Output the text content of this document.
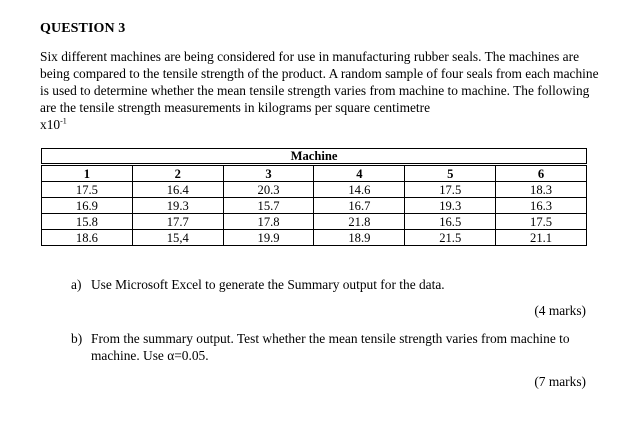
QUESTION 3

Six different machines are being considered for use in manufacturing rubber seals. The machines are being compared to the tensile strength of the product. A random sample of four seals from each machine is used to determine whether the mean tensile strength varies from machine to machine. The following are the tensile strength measurements in kilograms per square centimetre
$x10^{-1}$

Machine					
1	2	3	4	5	6
17.5	16.4	20.3	14.6	17.5	18.3
16.9	19.3	15.7	16.7	19.3	16.3
15.8	17.7	17.8	21.8	16.5	17.5
18.6	15,4	19.9	18.9	21.5	21.1
a) Use Microsoft Excel to generate the Summary output for the data.
(4 marks)
b) From the summary output. Test whether the mean tensile strength varies from machine to machine. Use α=0.05.
(7 marks)
